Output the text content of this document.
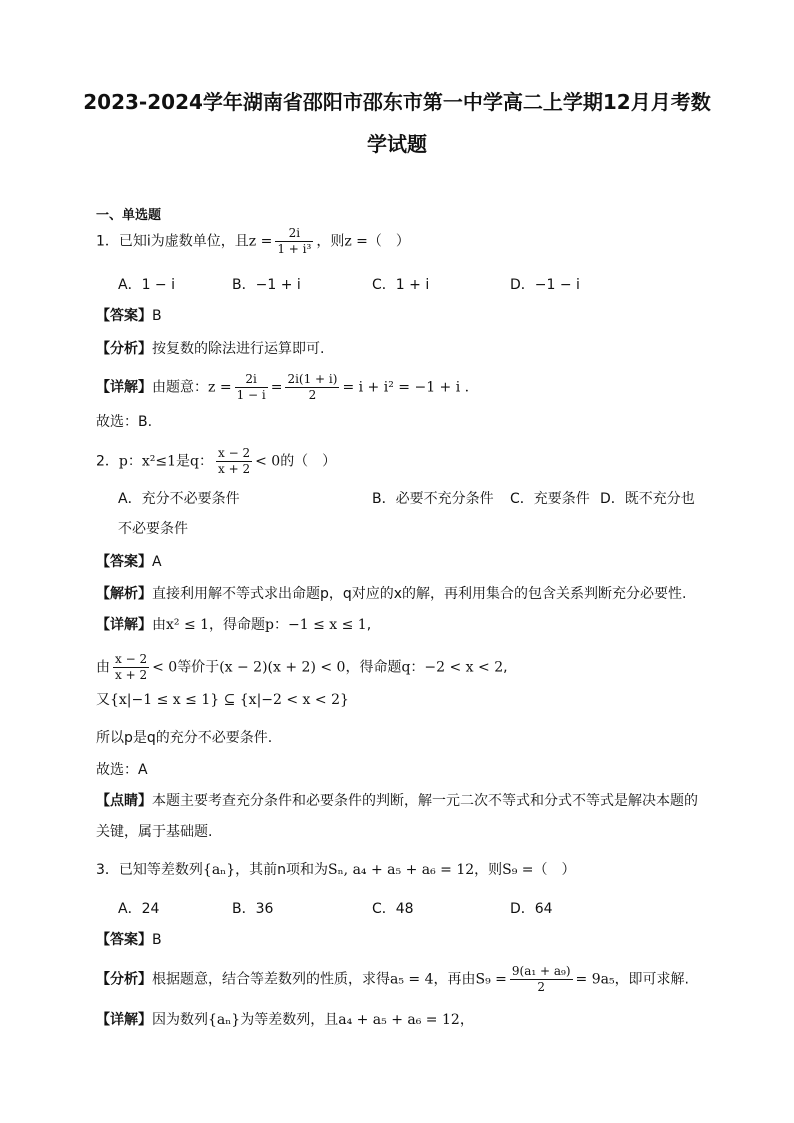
2023-2024学年湖南省邵阳市邵东市第一中学高二上学期12月月考数
学试题
一、单选题
1．已知i为虚数单位，且$z = \frac{2i}{\text{1 + i³}}$ ，则z =（　）
A．1 − i	B．−1 + i	C．1 + i	D．−1 − i
【答案】B
【分析】按复数的除法进行运算即可.
【详解】由题意：$z = \frac{2i}{1 - i} = \frac{2i(1 + i)}{2} = i + i^2 = -1 + i$ .
故选：B.
2．p：x²≤1是q： $\frac{x - 2}{x + 2} < 0$的（　）
A．充分不必要条件	B．必要不充分条件 C．充要条件 D．既不充分也
不必要条件
【答案】A
【解析】直接利用解不等式求出命题p，q对应的x的解，再利用集合的包含关系判断充分必要性.
【详解】由x² ≤ 1，得命题p：−1 ≤ x ≤ 1,
由 $\frac{x - 2}{x + 2} < 0$等价于(x − 2)(x + 2) < 0，得命题q：−2 < x < 2,
又{x|−1 ≤ x ≤ 1} ⊆ {x|−2 < x < 2}
所以p是q的充分不必要条件.
故选：A
【点睛】本题主要考查充分条件和必要条件的判断，解一元二次不等式和分式不等式是解决本题的
关键，属于基础题.
3．已知等差数列{aₙ}，其前n项和为Sₙ, a₄ + a₅ + a₆ = 12，则S₉ =（　）
A．24	B．36	C．48	D．64
【答案】B
【分析】根据题意，结合等差数列的性质，求得a₅ = 4，再由$S_9 = \frac{\text{9(a₁ + a₉)}}{2} = 9a_5$，即可求解.
【详解】因为数列{aₙ}为等差数列，且a₄ + a₅ + a₆ = 12，
